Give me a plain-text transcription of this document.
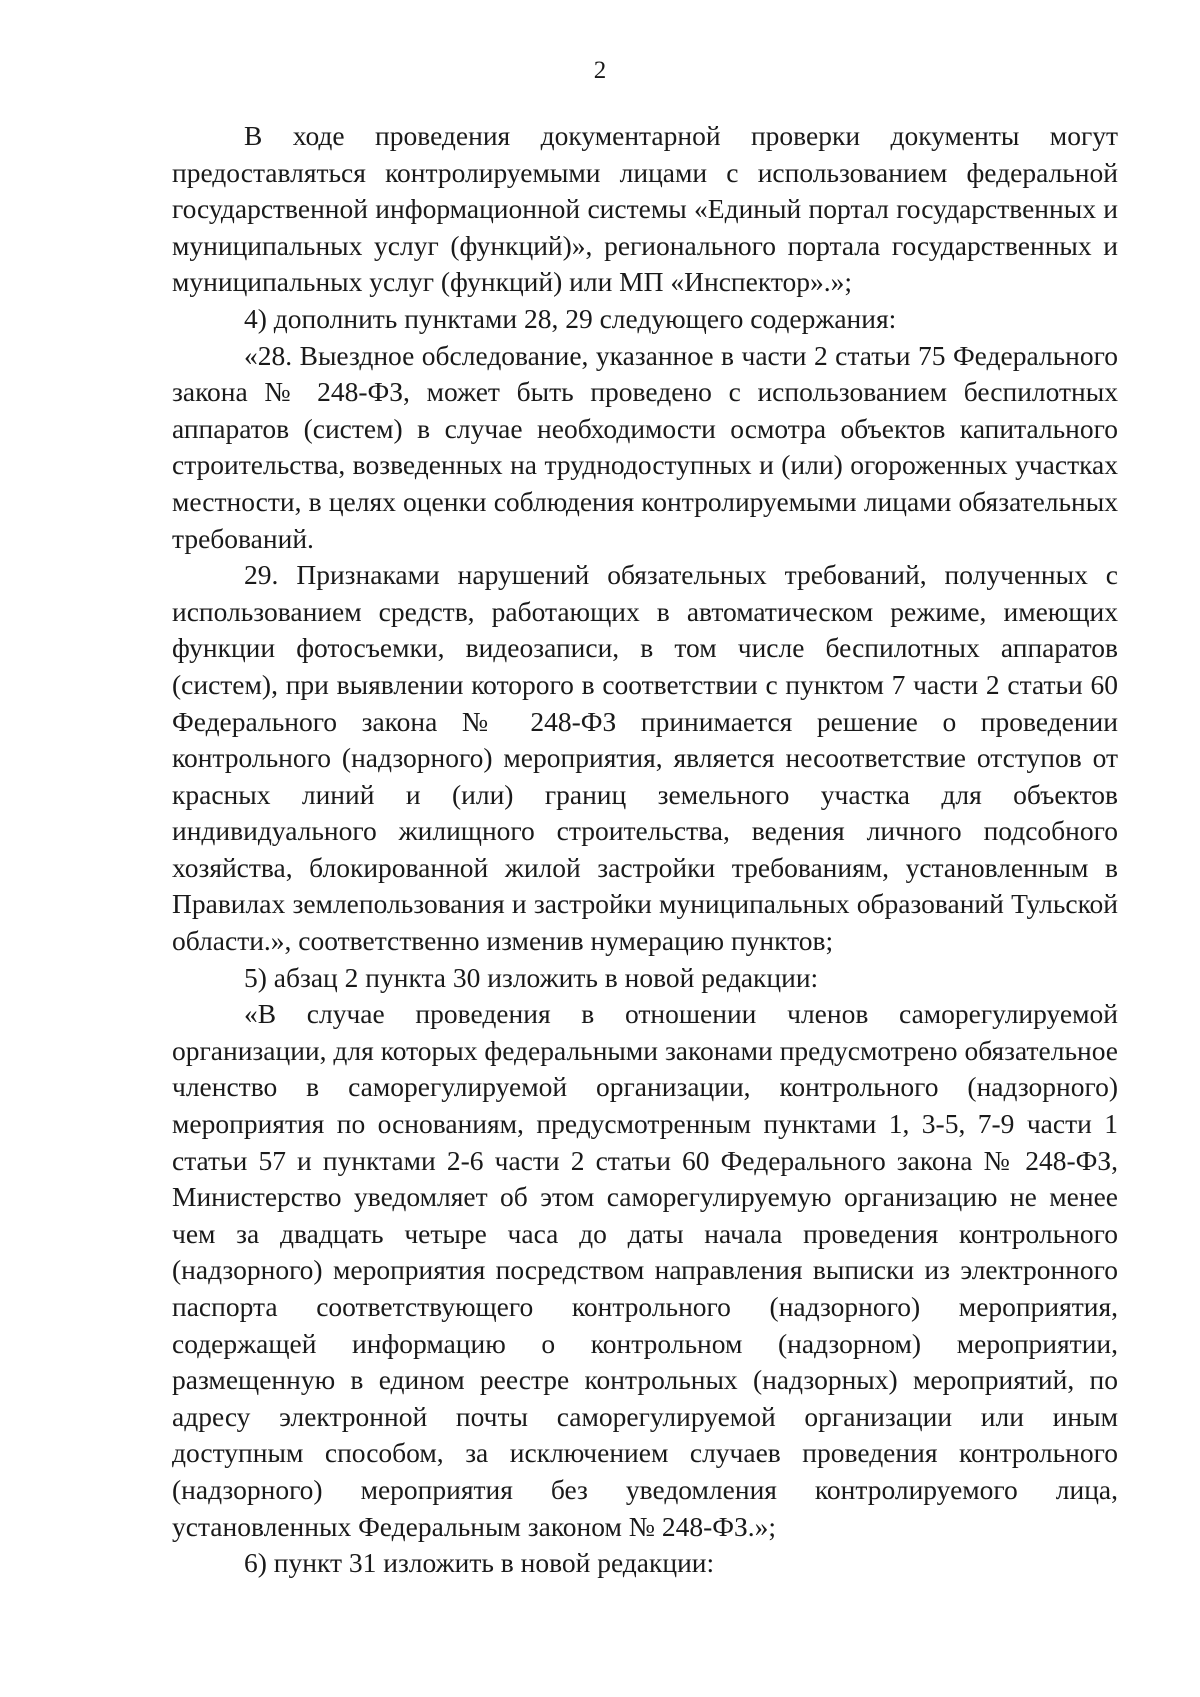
2

В ходе проведения документарной проверки документы могут предоставляться контролируемыми лицами с использованием федеральной государственной информационной системы «Единый портал государственных и муниципальных услуг (функций)», регионального портала государственных и муниципальных услуг (функций) или МП «Инспектор».»;

4) дополнить пунктами 28, 29 следующего содержания:

«28. Выездное обследование, указанное в части 2 статьи 75 Федерального закона № 248-ФЗ, может быть проведено с использованием беспилотных аппаратов (систем) в случае необходимости осмотра объектов капитального строительства, возведенных на труднодоступных и (или) огороженных участках местности, в целях оценки соблюдения контролируемыми лицами обязательных требований.

29. Признаками нарушений обязательных требований, полученных с использованием средств, работающих в автоматическом режиме, имеющих функции фотосъемки, видеозаписи, в том числе беспилотных аппаратов (систем), при выявлении которого в соответствии с пунктом 7 части 2 статьи 60 Федерального закона № 248-ФЗ принимается решение о проведении контрольного (надзорного) мероприятия, является несоответствие отступов от красных линий и (или) границ земельного участка для объектов индивидуального жилищного строительства, ведения личного подсобного хозяйства, блокированной жилой застройки требованиям, установленным в Правилах землепользования и застройки муниципальных образований Тульской области.», соответственно изменив нумерацию пунктов;

5) абзац 2 пункта 30 изложить в новой редакции:

«В случае проведения в отношении членов саморегулируемой организации, для которых федеральными законами предусмотрено обязательное членство в саморегулируемой организации, контрольного (надзорного) мероприятия по основаниям, предусмотренным пунктами 1, 3-5, 7-9 части 1 статьи 57 и пунктами 2-6 части 2 статьи 60 Федерального закона № 248-ФЗ, Министерство уведомляет об этом саморегулируемую организацию не менее чем за двадцать четыре часа до даты начала проведения контрольного (надзорного) мероприятия посредством направления выписки из электронного паспорта соответствующего контрольного (надзорного) мероприятия, содержащей информацию о контрольном (надзорном) мероприятии, размещенную в едином реестре контрольных (надзорных) мероприятий, по адресу электронной почты саморегулируемой организации или иным доступным способом, за исключением случаев проведения контрольного (надзорного) мероприятия без уведомления контролируемого лица, установленных Федеральным законом № 248-ФЗ.»;

6) пункт 31 изложить в новой редакции:
